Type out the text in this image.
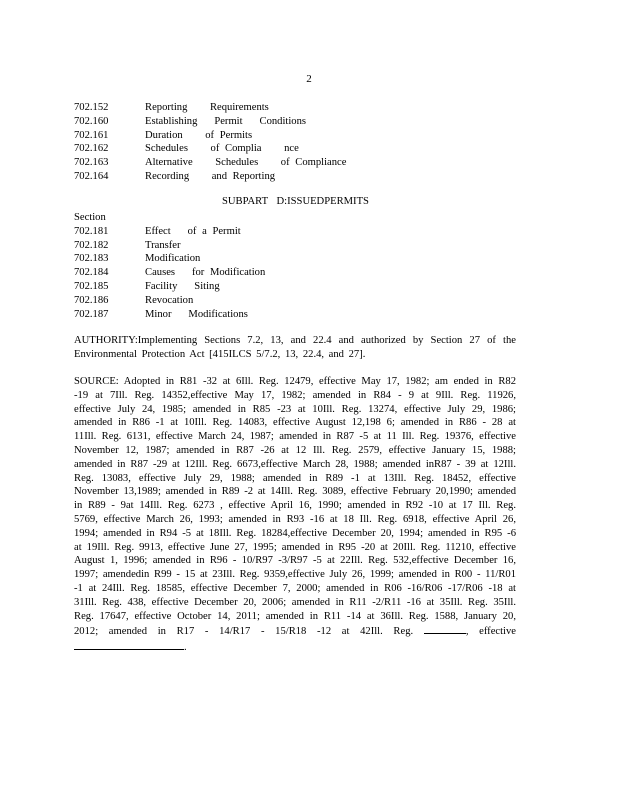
2
702.152	Reporting    Requirements
702.160	Establishing   Permit   Conditions
702.161	Duration    of Permits
702.162	Schedules    of Complia    nce
702.163	Alternative    Schedules    of Compliance
702.164	Recording    and Reporting
SUBPART D:ISSUEDPERMITS
Section
702.181	Effect   of a Permit
702.182	Transfer
702.183	Modification
702.184	Causes   for Modification
702.185	Facility   Siting
702.186	Revocation
702.187	Minor   Modifications
AUTHORITY:Implementing Sections 7.2, 13, and 22.4 and authorized by Section 27 of the Environmental Protection Act [415ILCS 5/7.2, 13, 22.4, and 27].
SOURCE: Adopted in R81 -32 at 6Ill. Reg. 12479, effective May 17, 1982; am ended in R82 -19 at 7Ill. Reg. 14352,effective May 17, 1982; amended in R84 - 9 at 9Ill. Reg. 11926, effective July 24, 1985; amended in R85 -23 at 10Ill. Reg. 13274, effective July 29, 1986; amended in R86 -1 at 10Ill. Reg. 14083, effective August 12,198 6; amended in R86 - 28 at 11Ill. Reg. 6131, effective March 24, 1987; amended in R87 -5 at 11 Ill. Reg. 19376, effective November 12, 1987; amended in R87 -26 at 12 Ill. Reg. 2579, effective January 15, 1988; amended in R87 -29 at 12Ill. Reg. 6673,effective March 28, 1988; amended inR87 - 39 at 12Ill. Reg. 13083, effective July 29, 1988; amended in R89 -1 at 13Ill. Reg. 18452, effective November 13,1989; amended in R89 -2 at 14Ill. Reg. 3089, effective February 20,1990; amended in R89 - 9at 14Ill. Reg. 6273 , effective April 16, 1990; amended in R92 -10 at 17 Ill. Reg. 5769, effective March 26, 1993; amended in R93 -16 at 18 Ill. Reg. 6918, effective April 26, 1994; amended in R94 -5 at 18Ill. Reg. 18284,effective December 20, 1994; amended in R95 -6 at 19Ill. Reg. 9913, effective June 27, 1995; amended in R95 -20 at 20Ill. Reg. 11210, effective August 1, 1996; amended in R96 - 10/R97 -3/R97 -5 at 22Ill. Reg. 532,effective December 16, 1997; amendedin R99 - 15 at 23Ill. Reg. 9359,effective July 26, 1999; amended in R00 - 11/R01 -1 at 24Ill. Reg. 18585, effective December 7, 2000; amended in R06 -16/R06 -17/R06 -18 at 31Ill. Reg. 438, effective December 20, 2006; amended in R11 -2/R11 -16 at 35Ill. Reg. 35Ill. Reg. 17647, effective October 14, 2011; amended in R11 -14 at 36Ill. Reg. 1588, January 20, 2012; amended in R17 - 14/R17 - 15/R18 -12 at 42Ill. Reg.	, effective .
